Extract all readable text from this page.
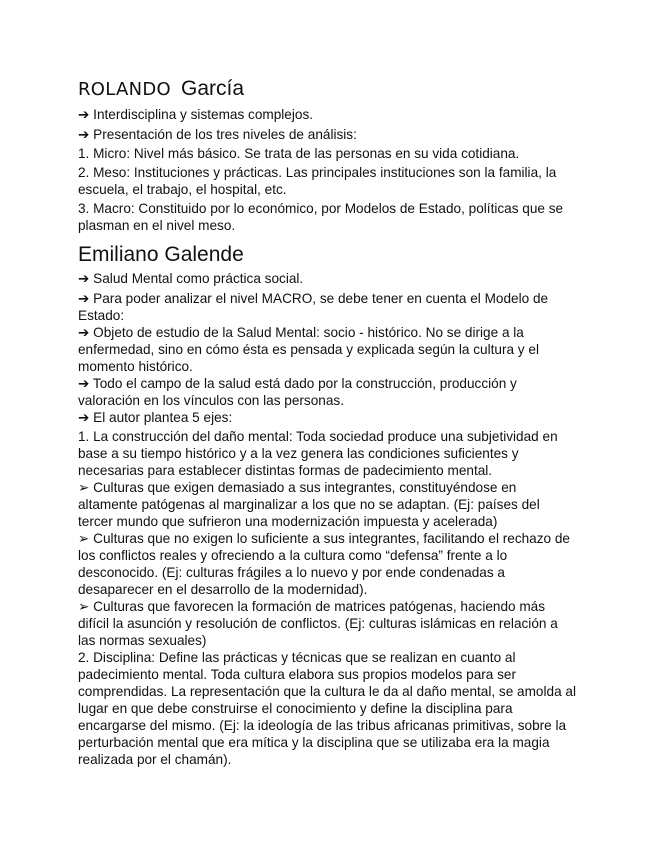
ROLANDO García

➔ Interdisciplina y sistemas complejos.

➔ Presentación de los tres niveles de análisis:

1. Micro: Nivel más básico. Se trata de las personas en su vida cotidiana.

2. Meso: Instituciones y prácticas. Las principales instituciones son la familia, la escuela, el trabajo, el hospital, etc.

3. Macro: Constituido por lo económico, por Modelos de Estado, políticas que se plasman en el nivel meso.

Emiliano Galende

➔ Salud Mental como práctica social.

➔ Para poder analizar el nivel MACRO, se debe tener en cuenta el Modelo de Estado:

➔ Objeto de estudio de la Salud Mental: socio - histórico. No se dirige a la enfermedad, sino en cómo ésta es pensada y explicada según la cultura y el momento histórico.

➔ Todo el campo de la salud está dado por la construcción, producción y valoración en los vínculos con las personas.

➔ El autor plantea 5 ejes:

1. La construcción del daño mental: Toda sociedad produce una subjetividad en base a su tiempo histórico y a la vez genera las condiciones suficientes y necesarias para establecer distintas formas de padecimiento mental.

➢ Culturas que exigen demasiado a sus integrantes, constituyéndose en altamente patógenas al marginalizar a los que no se adaptan. (Ej: países del tercer mundo que sufrieron una modernización impuesta y acelerada)

➢ Culturas que no exigen lo suficiente a sus integrantes, facilitando el rechazo de los conflictos reales y ofreciendo a la cultura como “defensa” frente a lo desconocido. (Ej: culturas frágiles a lo nuevo y por ende condenadas a desaparecer en el desarrollo de la modernidad).

➢ Culturas que favorecen la formación de matrices patógenas, haciendo más difícil la asunción y resolución de conflictos. (Ej: culturas islámicas en relación a las normas sexuales)

2. Disciplina: Define las prácticas y técnicas que se realizan en cuanto al padecimiento mental. Toda cultura elabora sus propios modelos para ser comprendidas. La representación que la cultura le da al daño mental, se amolda al lugar en que debe construirse el conocimiento y define la disciplina para encargarse del mismo. (Ej: la ideología de las tribus africanas primitivas, sobre la perturbación mental que era mítica y la disciplina que se utilizaba era la magia realizada por el chamán).
